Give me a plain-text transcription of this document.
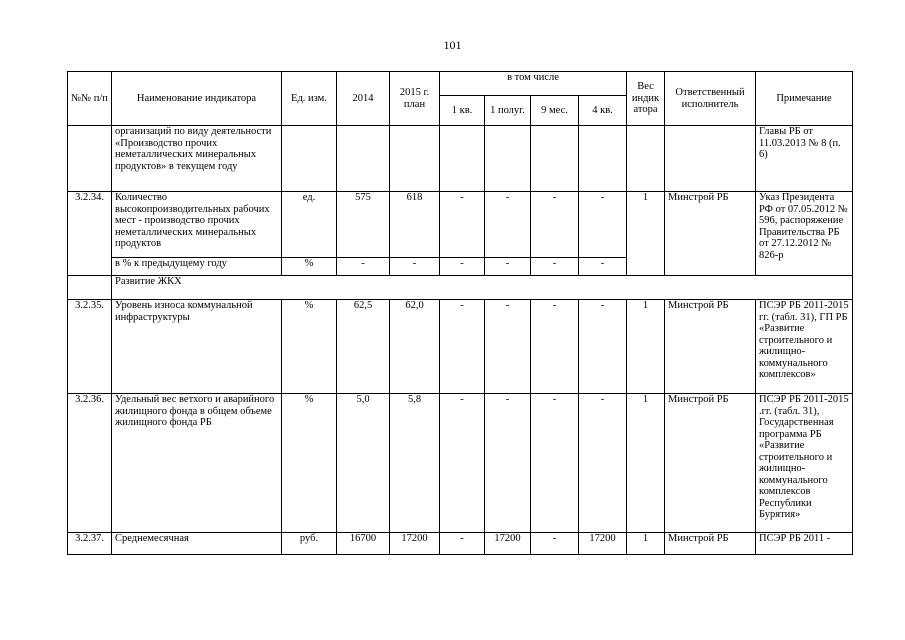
101
№№ п/п	Наименование индикатора	Ед. изм.	2014	2015 г. план	в том числе				Вес индик атора	Ответственный исполнитель	Примечание
					1 кв.	1 полуг.	9 мес.	4 кв.			
	организаций по виду деятельности «Производство прочих неметаллических минеральных продуктов» в текущем году										Главы РБ от 11.03.2013 № 8 (п. 6)
3.2.34.	Количество высокопроизводительных рабочих мест - производство прочих неметаллических минеральных продуктов	ед.	575	618	-	-	-	-	1	Минстрой РБ	Указ Президента РФ от 07.05.2012 № 596, распоряжение Правительства РБ от 27.12.2012 № 826-р
	в % к предыдущему году	%	-	-	-	-	-	-			
	Развитие ЖКХ										
3.2.35.	Уровень износа коммунальной инфраструктуры	%	62,5	62,0	-	-	-	-	1	Минстрой РБ	ПСЭР РБ 2011-2015 гг. (табл. 31), ГП РБ «Развитие строительного и жилищно-коммунального комплексов»
3.2.36.	Удельный вес ветхого и аварийного жилищного фонда в общем объеме жилищного фонда РБ	%	5,0	5,8	-	-	-	-	1	Минстрой РБ	ПСЭР РБ 2011-2015 .гг. (табл. 31), Государственная программа РБ «Развитие строительного и жилищно-коммунального комплексов Республики Бурятия»
3.2.37.	Среднемесячная	руб.	16700	17200	-	17200	-	17200	1	Минстрой РБ	ПСЭР РБ 2011 -
